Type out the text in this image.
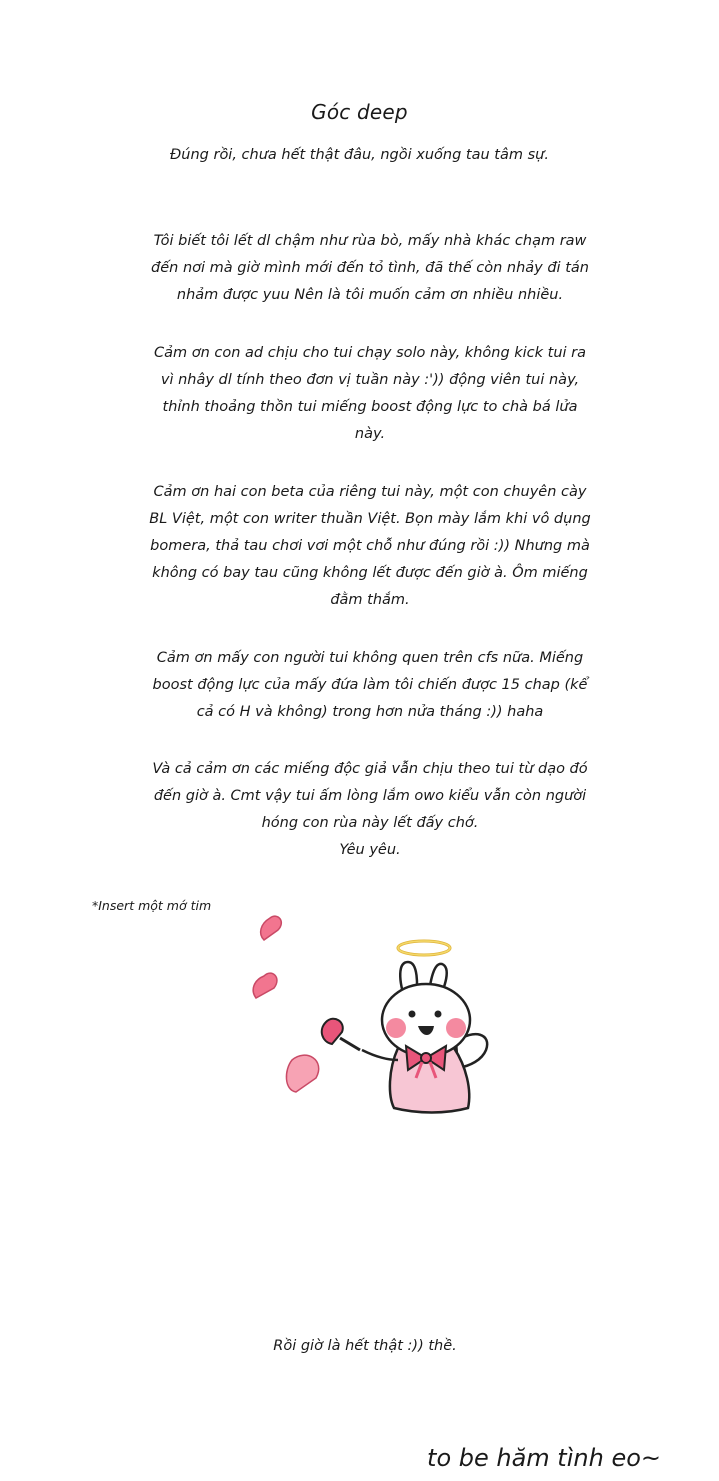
Góc deep
Đúng rồi, chưa hết thật đâu, ngồi xuống tau tâm sự.
Tôi biết tôi lết dl chậm như rùa bò, mấy nhà khác chạm raw
đến nơi mà giờ mình mới đến tỏ tình, đã thế còn nhảy đi tán
nhảm được yuu Nên là tôi muốn cảm ơn nhiều nhiều.
Cảm ơn con ad chịu cho tui chạy solo này, không kick tui ra
vì nhây dl tính theo đơn vị tuần này :')) động viên tui này,
thỉnh thoảng thồn tui miếng boost động lực to chà bá lửa
này.
Cảm ơn hai con beta của riêng tui này, một con chuyên cày
BL Việt, một con writer thuần Việt. Bọn mày lắm khi vô dụng
bomera, thả tau chơi vơi một chỗ như đúng rồi :)) Nhưng mà
không có bay tau cũng không lết được đến giờ à. Ôm miếng
đằm thắm.
Cảm ơn mấy con người tui không quen trên cfs nữa. Miếng
boost động lực của mấy đứa làm tôi chiến được 15 chap (kể
cả có H và không) trong hơn nửa tháng :)) haha
Và cả cảm ơn các miếng độc giả vẫn chịu theo tui từ dạo đó
đến giờ à. Cmt vậy tui ấm lòng lắm owo kiểu vẫn còn người
hóng con rùa này lết đấy chớ.
Yêu yêu.
*Insert một mớ tim
Rồi giờ là hết thật :)) thề.
to be hăm tình eo~
